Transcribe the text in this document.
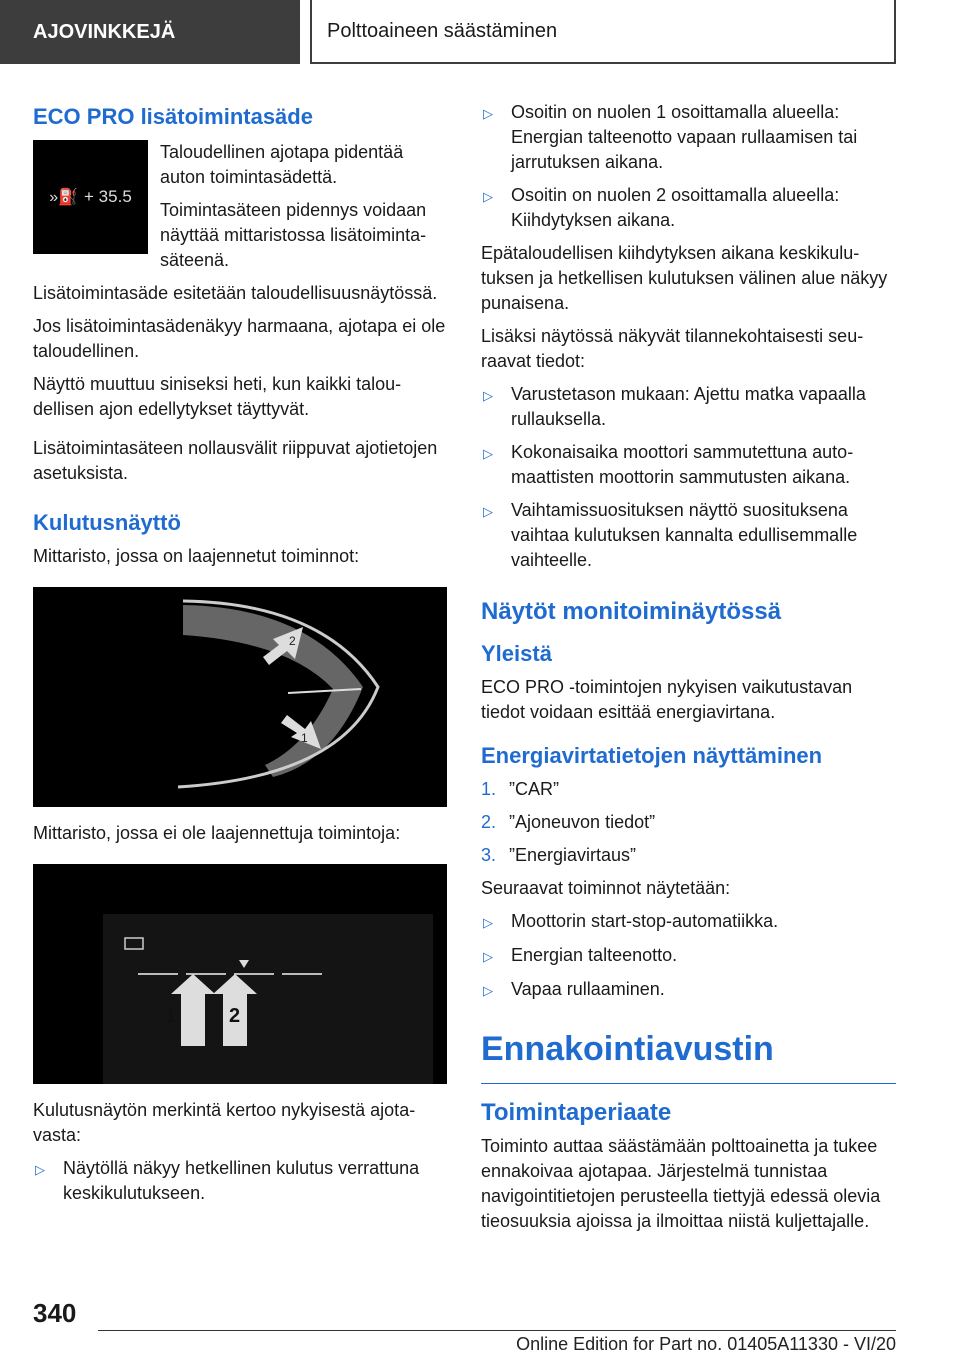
AJOVINKKEJÄ	Polttoaineen säästäminen
ECO PRO lisätoimintasäde
»⛽ + 35.5

Taloudellinen ajotapa pidentää auton toimintasädettä.

Toimintasäteen pidennys voidaan näyttää mittaristossa lisätoimintasäteenä.

Lisätoimintasäde esitetään taloudellisuusnäytössä.

Jos lisätoimintasädenäkyy harmaana, ajotapa ei ole taloudellinen.

Näyttö muuttuu siniseksi heti, kun kaikki taloudellisen ajon edellytykset täyttyvät.

Lisätoimintasäteen nollausvälit riippuvat ajotietojen asetuksista.

Kulutusnäyttö

Mittaristo, jossa on laajennetut toiminnot:

2
1

Mittaristo, jossa ei ole laajennettuja toimintoja:

1	2

Kulutusnäytön merkintä kertoo nykyisestä ajotavasta:

▷	Näytöllä näkyy hetkellinen kulutus verrattuna keskikulutukseen.
▷	Osoitin on nuolen 1 osoittamalla alueella: Energian talteenotto vapaan rullaamisen tai jarrutuksen aikana.
▷	Osoitin on nuolen 2 osoittamalla alueella: Kiihdytyksen aikana.

Epätaloudellisen kiihdytyksen aikana keskikulutuksen ja hetkellisen kulutuksen välinen alue näkyy punaisena.

Lisäksi näytössä näkyvät tilannekohtaisesti seuraavat tiedot:

▷	Varustetason mukaan: Ajettu matka vapaalla rullauksella.
▷	Kokonaisaika moottori sammutettuna automaattisten moottorin sammutusten aikana.
▷	Vaihtamissuosituksen näyttö suosituksena vaihtaa kulutuksen kannalta edullisemmalle vaihteelle.
Näytöt monitoiminäytössä
Yleistä

ECO PRO -toimintojen nykyisen vaikutustavan tiedot voidaan esittää energiavirtana.

Energiavirtatietojen näyttäminen
1. ”CAR”
2. ”Ajoneuvon tiedot”
3. ”Energiavirtaus”

Seuraavat toiminnot näytetään:

▷	Moottorin start-stop-automatiikka.
▷	Energian talteenotto.
▷	Vapaa rullaaminen.
Ennakointiavustin
Toimintaperiaate

Toiminto auttaa säästämään polttoainetta ja tukee ennakoivaa ajotapaa. Järjestelmä tunnistaa navigointitietojen perusteella tiettyjä edessä olevia tieosuuksia ajoissa ja ilmoittaa niistä kuljettajalle.

340
Online Edition for Part no. 01405A11330 - VI/20
